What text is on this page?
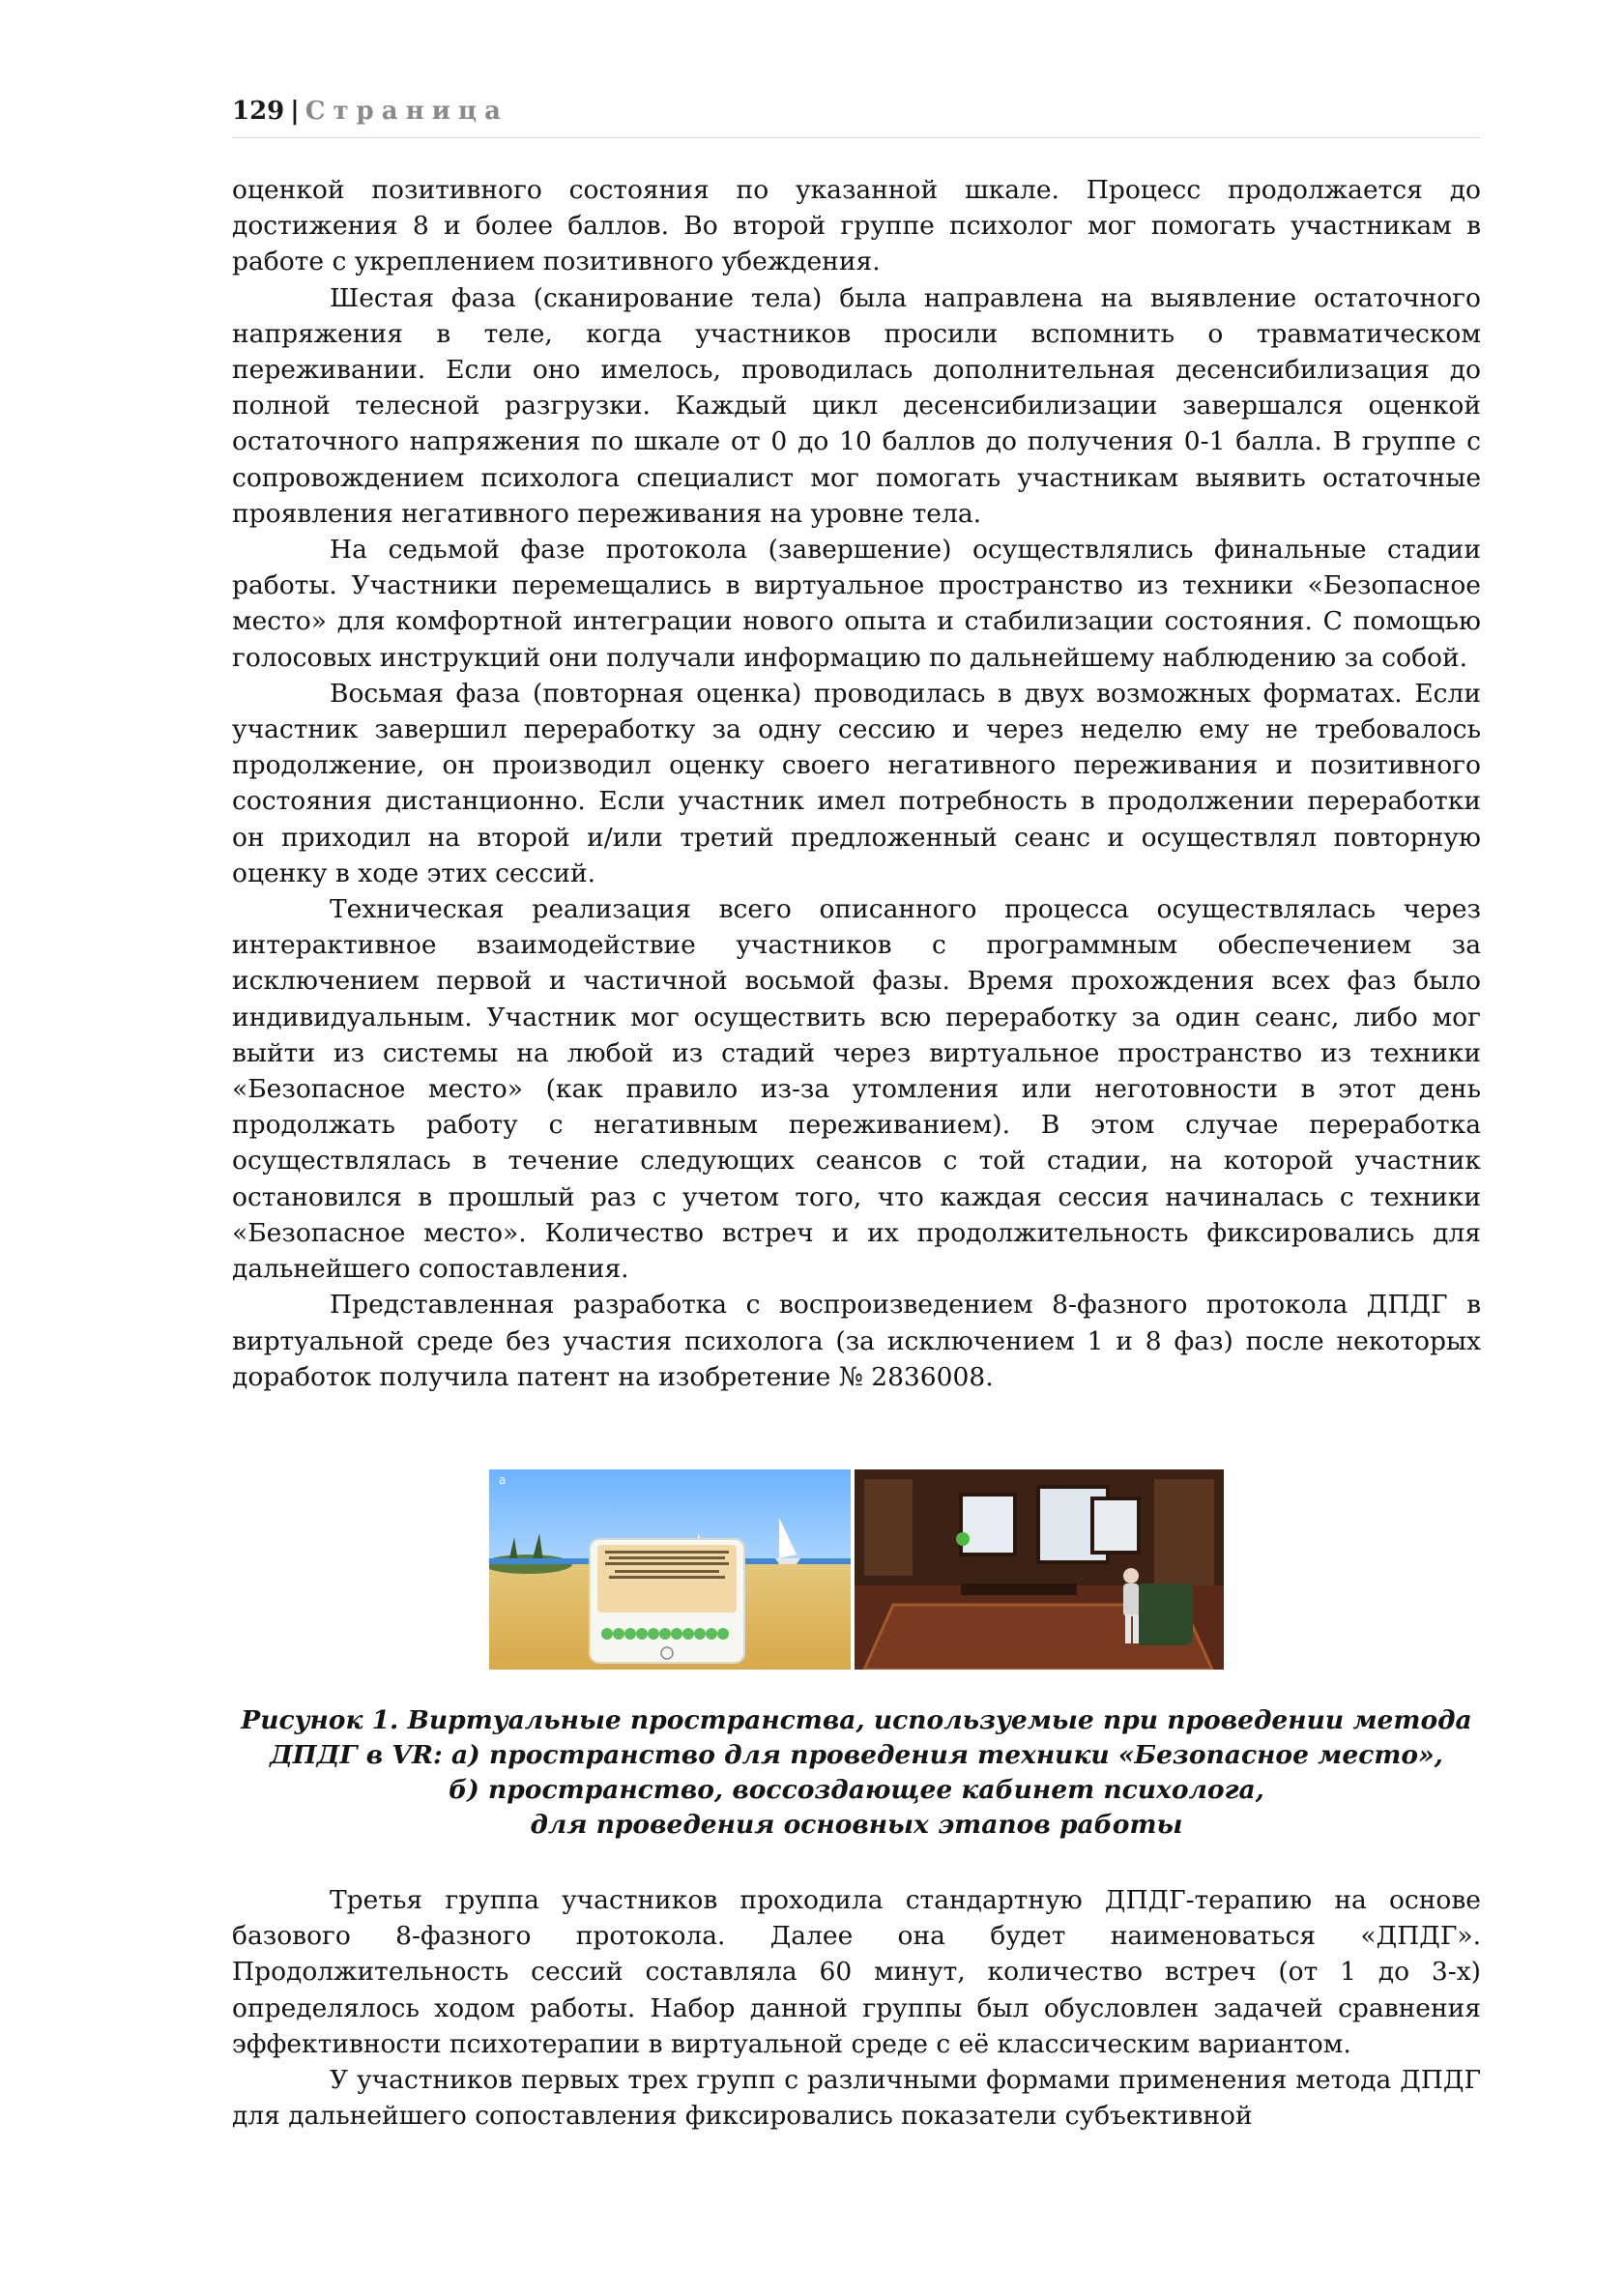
129 | Страница

оценкой позитивного состояния по указанной шкале. Процесс продолжается до достижения 8 и более баллов. Во второй группе психолог мог помогать участникам в работе с укреплением позитивного убеждения.

Шестая фаза (сканирование тела) была направлена на выявление остаточного напряжения в теле, когда участников просили вспомнить о травматическом переживании. Если оно имелось, проводилась дополнительная десенсибилизация до полной телесной разгрузки. Каждый цикл десенсибилизации завершался оценкой остаточного напряжения по шкале от 0 до 10 баллов до получения 0-1 балла. В группе с сопровождением психолога специалист мог помогать участникам выявить остаточные проявления негативного переживания на уровне тела.

На седьмой фазе протокола (завершение) осуществлялись финальные стадии работы. Участники перемещались в виртуальное пространство из техники «Безопасное место» для комфортной интеграции нового опыта и стабилизации состояния. С помощью голосовых инструкций они получали информацию по дальнейшему наблюдению за собой.

Восьмая фаза (повторная оценка) проводилась в двух возможных форматах. Если участник завершил переработку за одну сессию и через неделю ему не требовалось продолжение, он производил оценку своего негативного переживания и позитивного состояния дистанционно. Если участник имел потребность в продолжении переработки он приходил на второй и/или третий предложенный сеанс и осуществлял повторную оценку в ходе этих сессий.

Техническая реализация всего описанного процесса осуществлялась через интерактивное взаимодействие участников с программным обеспечением за исключением первой и частичной восьмой фазы. Время прохождения всех фаз было индивидуальным. Участник мог осуществить всю переработку за один сеанс, либо мог выйти из системы на любой из стадий через виртуальное пространство из техники «Безопасное место» (как правило из-за утомления или неготовности в этот день продолжать работу с негативным переживанием). В этом случае переработка осуществлялась в течение следующих сеансов с той стадии, на которой участник остановился в прошлый раз с учетом того, что каждая сессия начиналась с техники «Безопасное место». Количество встреч и их продолжительность фиксировались для дальнейшего сопоставления.

Представленная разработка с воспроизведением 8-фазного протокола ДПДГ в виртуальной среде без участия психолога (за исключением 1 и 8 фаз) после некоторых доработок получила патент на изобретение № 2836008.

а
Рисунок 1. Виртуальные пространства, используемые при проведении метода
ДПДГ в VR: а) пространство для проведения техники «Безопасное место»,
б) пространство, воссоздающее кабинет психолога,
для проведения основных этапов работы

Третья группа участников проходила стандартную ДПДГ-терапию на основе базового 8-фазного протокола. Далее она будет наименоваться «ДПДГ». Продолжительность сессий составляла 60 минут, количество встреч (от 1 до 3-х) определялось ходом работы. Набор данной группы был обусловлен задачей сравнения эффективности психотерапии в виртуальной среде с её классическим вариантом.

У участников первых трех групп с различными формами применения метода ДПДГ для дальнейшего сопоставления фиксировались показатели субъективной
